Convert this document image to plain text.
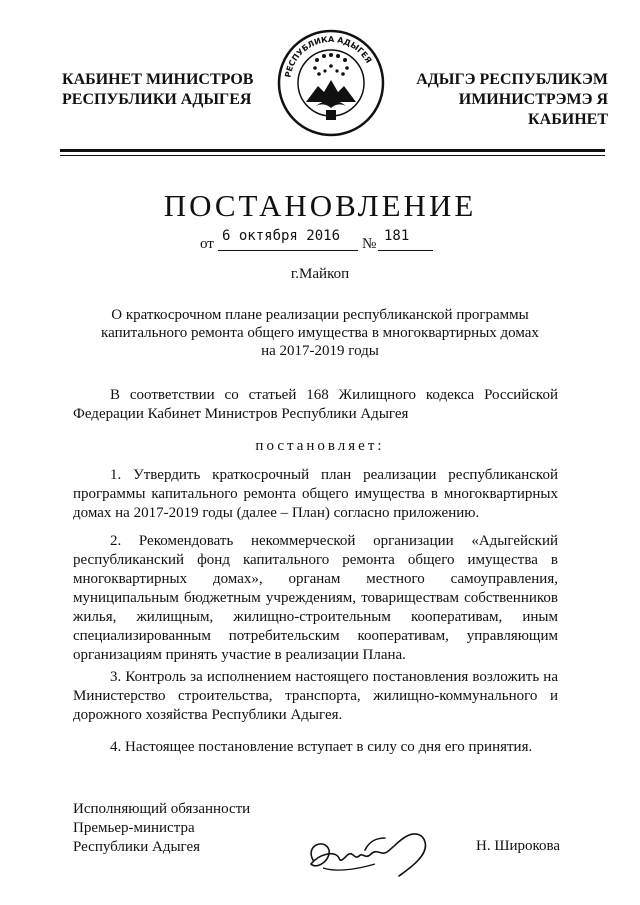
КАБИНЕТ МИНИСТРОВ
РЕСПУБЛИКИ АДЫГЕЯ
РЕСПУБЛИКА АДЫГЕЯ
АДЫГЭ РЕСПУБЛИКЭМ
ИМИНИСТРЭМЭ Я КАБИНЕТ
ПОСТАНОВЛЕНИЕ
от 6 октября 2016 № 181
г.Майкоп
О краткосрочном плане реализации республиканской программы
капитального ремонта общего имущества в многоквартирных домах
на 2017-2019 годы

В соответствии со статьей 168 Жилищного кодекса Российской Федерации Кабинет Министров Республики Адыгея

постановляет:

1. Утвердить краткосрочный план реализации республиканской программы капитального ремонта общего имущества в многоквартирных домах на 2017-2019 годы (далее – План) согласно приложению.

2. Рекомендовать некоммерческой организации «Адыгейский республиканский фонд капитального ремонта общего имущества в многоквартирных домах», органам местного самоуправления, муниципальным бюджетным учреждениям, товариществам собственников жилья, жилищным, жилищно-строительным кооперативам, иным специализированным потребительским кооперативам, управляющим организациям принять участие в реализации Плана.

3. Контроль за исполнением настоящего постановления возложить на Министерство строительства, транспорта, жилищно-коммунального и дорожного хозяйства Республики Адыгея.

4. Настоящее постановление вступает в силу со дня его принятия.

Исполняющий обязанности
Премьер-министра
Республики Адыгея	Н. Широкова
